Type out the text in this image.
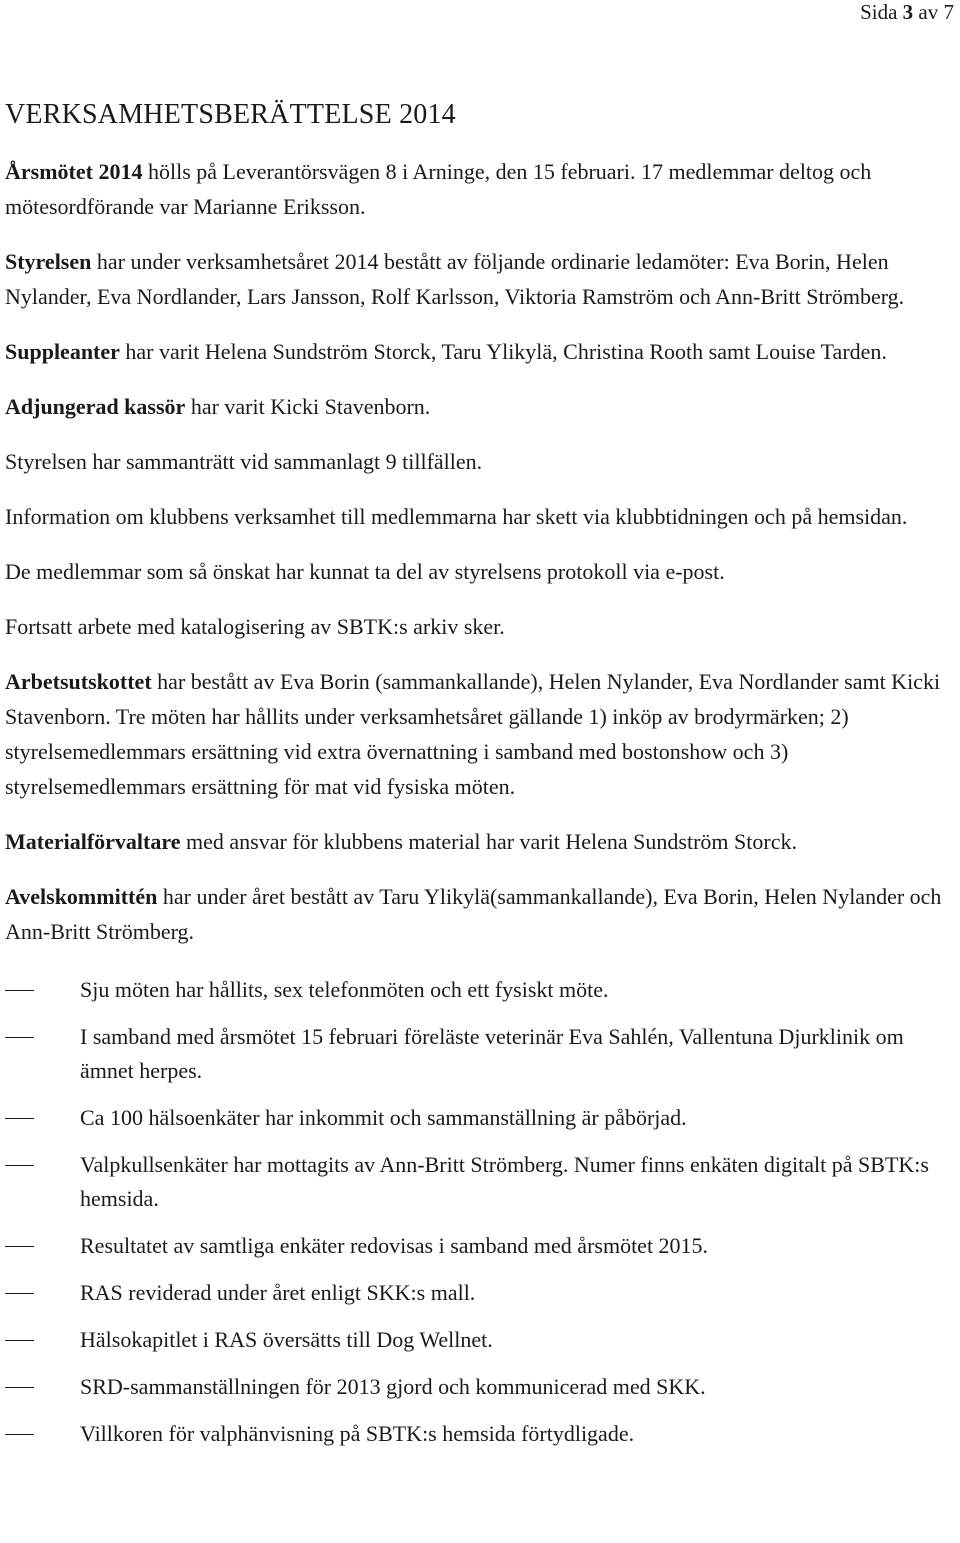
Sida 3 av 7
VERKSAMHETSBERÄTTELSE 2014

Årsmötet 2014 hölls på Leverantörsvägen 8 i Arninge, den 15 februari. 17 medlemmar deltog och mötesordförande var Marianne Eriksson.

Styrelsen har under verksamhetsåret 2014 bestått av följande ordinarie ledamöter: Eva Borin, Helen Nylander, Eva Nordlander, Lars Jansson, Rolf Karlsson, Viktoria Ramström och Ann-Britt Strömberg.

Suppleanter har varit Helena Sundström Storck, Taru Ylikylä, Christina Rooth samt Louise Tarden.

Adjungerad kassör har varit Kicki Stavenborn.

Styrelsen har sammanträtt vid sammanlagt 9 tillfällen.

Information om klubbens verksamhet till medlemmarna har skett via klubbtidningen och på hemsidan.

De medlemmar som så önskat har kunnat ta del av styrelsens protokoll via e-post.

Fortsatt arbete med katalogisering av SBTK:s arkiv sker.

Arbetsutskottet har bestått av Eva Borin (sammankallande), Helen Nylander, Eva Nordlander samt Kicki Stavenborn. Tre möten har hållits under verksamhetsåret gällande 1) inköp av brodyrmärken; 2) styrelsemedlemmars ersättning vid extra övernattning i samband med bostonshow och 3) styrelsemedlemmars ersättning för mat vid fysiska möten.

Materialförvaltare med ansvar för klubbens material har varit Helena Sundström Storck.

Avelskommittén har under året bestått av Taru Ylikylä(sammankallande), Eva Borin, Helen Nylander och Ann-Britt Strömberg.

Sju möten har hållits, sex telefonmöten och ett fysiskt möte.
I samband med årsmötet 15 februari föreläste veterinär Eva Sahlén, Vallentuna Djurklinik om ämnet herpes.
Ca 100 hälsoenkäter har inkommit och sammanställning är påbörjad.
Valpkullsenkäter har mottagits av Ann-Britt Strömberg. Numer finns enkäten digitalt på SBTK:s hemsida.
Resultatet av samtliga enkäter redovisas i samband med årsmötet 2015.
RAS reviderad under året enligt SKK:s mall.
Hälsokapitlet i RAS översätts till Dog Wellnet.
SRD-sammanställningen för 2013 gjord och kommunicerad med SKK.
Villkoren för valphänvisning på SBTK:s hemsida förtydligade.
